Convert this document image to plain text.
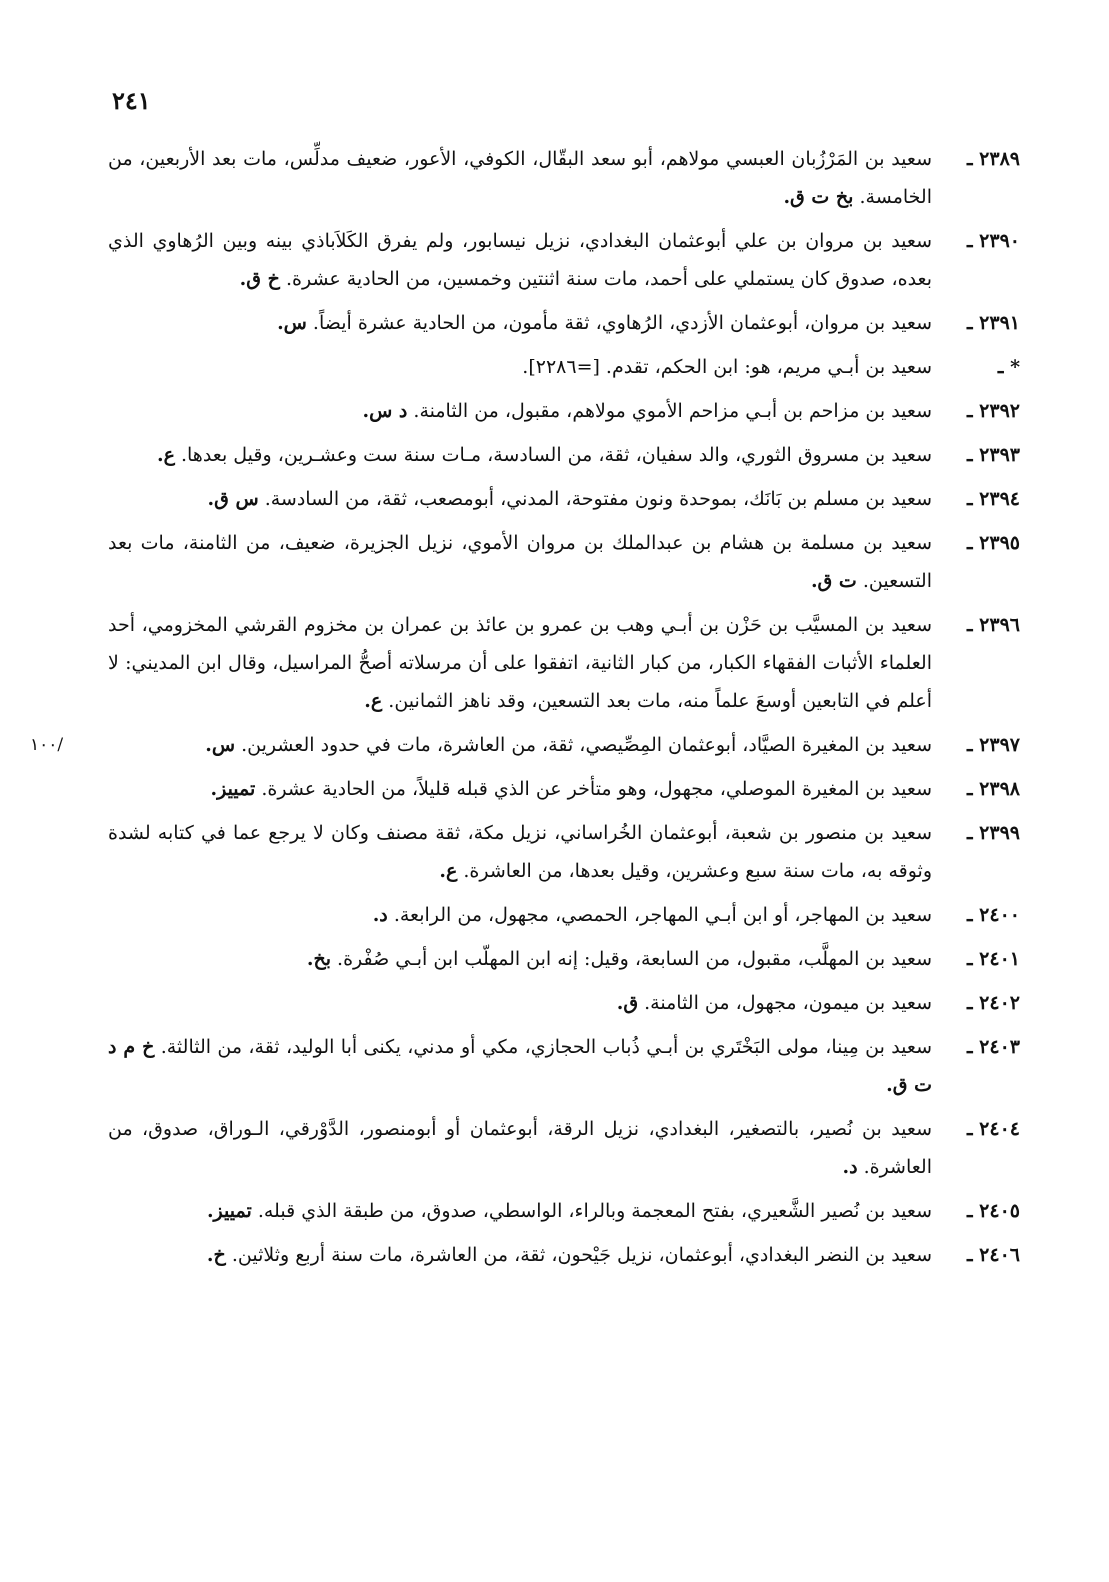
٢٤١
٢٣٨٩ ـ
سعيد بن المَرْزُبان العبسي مولاهم، أبو سعد البقّال، الكوفي، الأعور، ضعيف مدلِّس، مات بعد الأربعين، من الخامسة. بخ ت ق.
٢٣٩٠ ـ
سعيد بن مروان بن علي أبوعثمان البغدادي، نزيل نيسابور، ولم يفرق الكَلاَباذي بينه وبين الرُهاوي الذي بعده، صدوق كان يستملي على أحمد، مات سنة اثنتين وخمسين، من الحادية عشرة. خ ق.
٢٣٩١ ـ
سعيد بن مروان، أبوعثمان الأزدي، الرُهاوي، ثقة مأمون، من الحادية عشرة أيضاً. س.
* ـ
سعيد بن أبـي مريم، هو: ابن الحكم، تقدم. [=٢٢٨٦].
٢٣٩٢ ـ
سعيد بن مزاحم بن أبـي مزاحم الأموي مولاهم، مقبول، من الثامنة. د س.
٢٣٩٣ ـ
سعيد بن مسروق الثوري، والد سفيان، ثقة، من السادسة، مـات سنة ست وعشـرين، وقيل بعدها. ع.
٢٣٩٤ ـ
سعيد بن مسلم بن بَانَك، بموحدة ونون مفتوحة، المدني، أبومصعب، ثقة، من السادسة. س ق.
٢٣٩٥ ـ
سعيد بن مسلمة بن هشام بن عبدالملك بن مروان الأموي، نزيل الجزيرة، ضعيف، من الثامنة، مات بعد التسعين. ت ق.
٢٣٩٦ ـ
سعيد بن المسيَّب بن حَزْن بن أبـي وهب بن عمرو بن عائذ بن عمران بن مخزوم القرشي المخزومي، أحد العلماء الأثبات الفقهاء الكبار، من كبار الثانية، اتفقوا على أن مرسلاته أصحُّ المراسيل، وقال ابن المديني: لا أعلم في التابعين أوسعَ علماً منه، مات بعد التسعين، وقد ناهز الثمانين. ع.
٢٣٩٧ ـ
سعيد بن المغيرة الصيَّاد، أبوعثمان المِصِّيصي، ثقة، من العاشرة، مات في حدود العشرين. س.
/١٠٠
٢٣٩٨ ـ
سعيد بن المغيرة الموصلي، مجهول، وهو متأخر عن الذي قبله قليلاً، من الحادية عشرة. تمييز.
٢٣٩٩ ـ
سعيد بن منصور بن شعبة، أبوعثمان الخُراساني، نزيل مكة، ثقة مصنف وكان لا يرجع عما في كتابه لشدة وثوقه به، مات سنة سبع وعشرين، وقيل بعدها، من العاشرة. ع.
٢٤٠٠ ـ
سعيد بن المهاجر، أو ابن أبـي المهاجر، الحمصي، مجهول، من الرابعة. د.
٢٤٠١ ـ
سعيد بن المهلَّب، مقبول، من السابعة، وقيل: إنه ابن المهلّب ابن أبـي صُفْرة. بخ.
٢٤٠٢ ـ
سعيد بن ميمون، مجهول، من الثامنة. ق.
٢٤٠٣ ـ
سعيد بن مِينا، مولى البَخْتَري بن أبـي ذُباب الحجازي، مكي أو مدني، يكنى أبا الوليد، ثقة، من الثالثة. خ م د ت ق.
٢٤٠٤ ـ
سعيد بن نُصير، بالتصغير، البغدادي، نزيل الرقة، أبوعثمان أو أبومنصور، الدَّوْرقي، الـوراق، صدوق، من العاشرة. د.
٢٤٠٥ ـ
سعيد بن نُصير الشَّعيري، بفتح المعجمة وبالراء، الواسطي، صدوق، من طبقة الذي قبله. تمييز.
٢٤٠٦ ـ
سعيد بن النضر البغدادي، أبوعثمان، نزيل جَيْحون، ثقة، من العاشرة، مات سنة أربع وثلاثين. خ.
